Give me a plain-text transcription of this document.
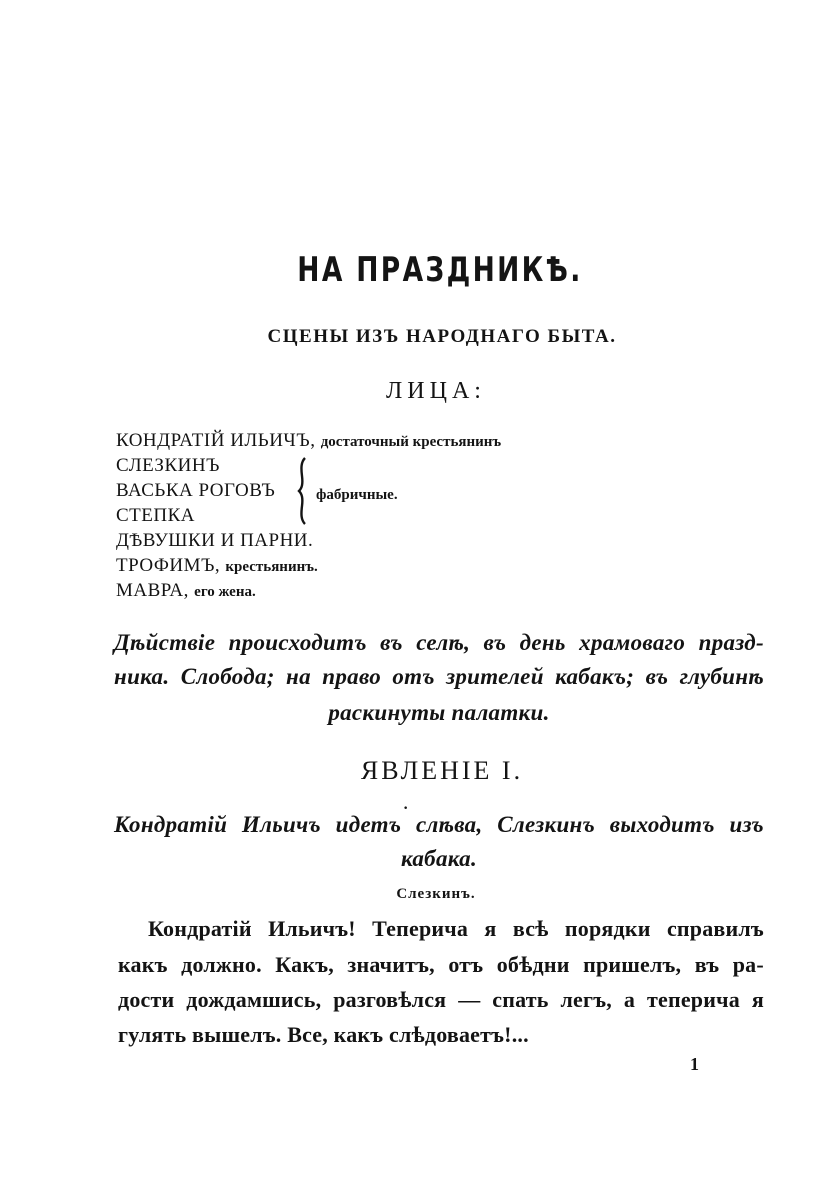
НА ПРАЗДНИКѢ.
СЦЕНЫ ИЗЪ НАРОДНАГО БЫТА.
ЛИЦА:
КОНДРАТІЙ ИЛЬИЧЪ, достаточный крестьянинъ
СЛЕЗКИНЪ
ВАСЬКА РОГОВЪ
СТЕПКА
фабричные.
ДѢВУШКИ И ПАРНИ.
ТРОФИМЪ, крестьянинъ.
МАВРА, его жена.
Дѣйствіе происходитъ въ селѣ, въ день храмоваго празд-
ника. Слобода; на право отъ зрителей кабакъ; въ глубинѣ
раскинуты палатки.
ЯВЛЕНІЕ І.
·
Кондратій Ильичъ идетъ слѣва, Слезкинъ выходитъ изъ
кабака.
Слезкинъ.
Кондратій Ильичъ! Теперича я всѣ порядки справилъ
какъ должно. Какъ, значитъ, отъ обѣдни пришелъ, въ ра-
дости дождамшись, разговѣлся — спать легъ, а теперича я
гулять вышелъ. Все, какъ слѣдоваетъ!...
1
